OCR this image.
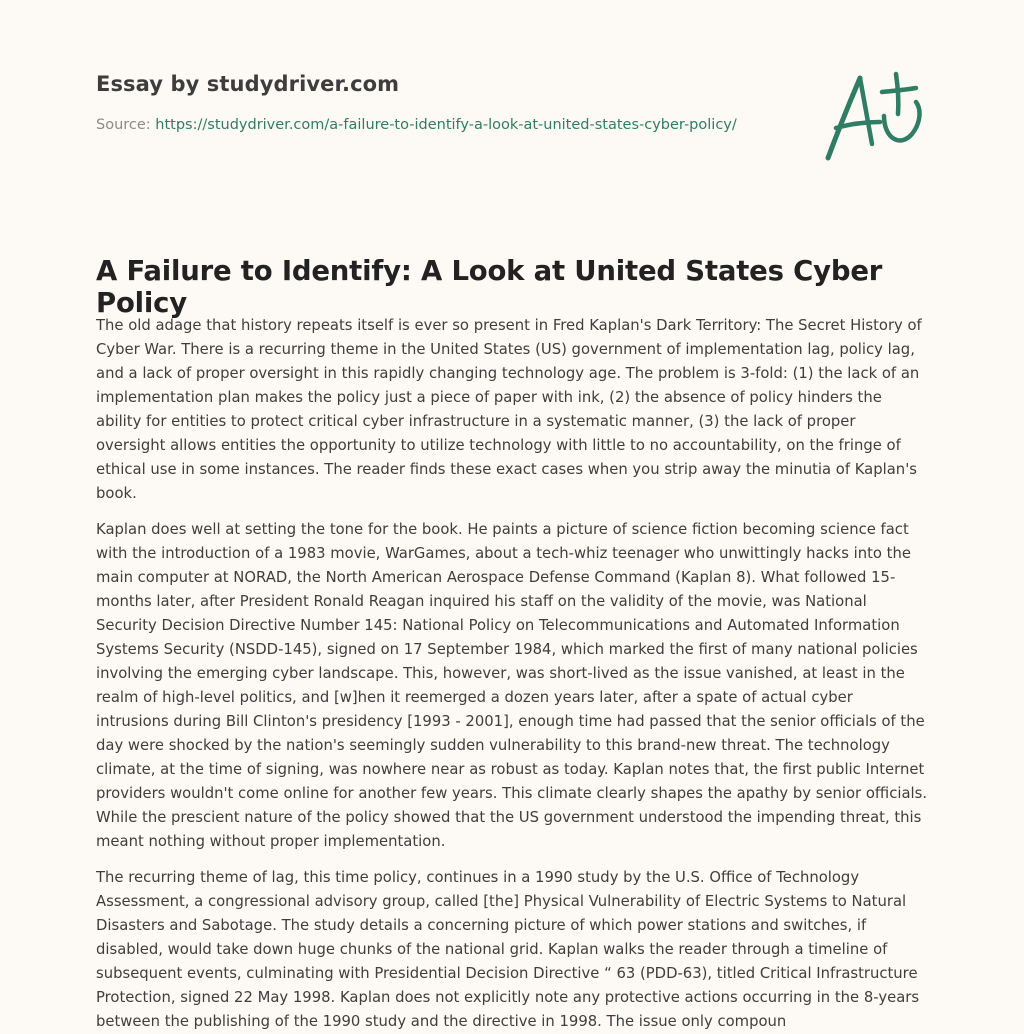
Essay by studydriver.com
Source: https://studydriver.com/a-failure-to-identify-a-look-at-united-states-cyber-policy/
A Failure to Identify: A Look at United States Cyber Policy

The old adage that history repeats itself is ever so present in Fred Kaplan's Dark Territory: The Secret History of Cyber War. There is a recurring theme in the United States (US) government of implementation lag, policy lag, and a lack of proper oversight in this rapidly changing technology age. The problem is 3-fold: (1) the lack of an implementation plan makes the policy just a piece of paper with ink, (2) the absence of policy hinders the ability for entities to protect critical cyber infrastructure in a systematic manner, (3) the lack of proper oversight allows entities the opportunity to utilize technology with little to no accountability, on the fringe of ethical use in some instances. The reader finds these exact cases when you strip away the minutia of Kaplan's book.

Kaplan does well at setting the tone for the book. He paints a picture of science fiction becoming science fact with the introduction of a 1983 movie, WarGames, about a tech-whiz teenager who unwittingly hacks into the main computer at NORAD, the North American Aerospace Defense Command (Kaplan 8). What followed 15-months later, after President Ronald Reagan inquired his staff on the validity of the movie, was National Security Decision Directive Number 145: National Policy on Telecommunications and Automated Information Systems Security (NSDD-145), signed on 17 September 1984, which marked the first of many national policies involving the emerging cyber landscape. This, however, was short-lived as the issue vanished, at least in the realm of high-level politics, and [w]hen it reemerged a dozen years later, after a spate of actual cyber intrusions during Bill Clinton's presidency [1993 - 2001], enough time had passed that the senior officials of the day were shocked by the nation's seemingly sudden vulnerability to this brand-new threat. The technology climate, at the time of signing, was nowhere near as robust as today. Kaplan notes that, the first public Internet providers wouldn't come online for another few years. This climate clearly shapes the apathy by senior officials. While the prescient nature of the policy showed that the US government understood the impending threat, this meant nothing without proper implementation.

The recurring theme of lag, this time policy, continues in a 1990 study by the U.S. Office of Technology Assessment, a congressional advisory group, called [the] Physical Vulnerability of Electric Systems to Natural Disasters and Sabotage. The study details a concerning picture of which power stations and switches, if disabled, would take down huge chunks of the national grid. Kaplan walks the reader through a timeline of subsequent events, culminating with Presidential Decision Directive “ 63 (PDD-63), titled Critical Infrastructure Protection, signed 22 May 1998. Kaplan does not explicitly note any protective actions occurring in the 8-years between the publishing of the 1990 study and the directive in 1998. The issue only compoun
